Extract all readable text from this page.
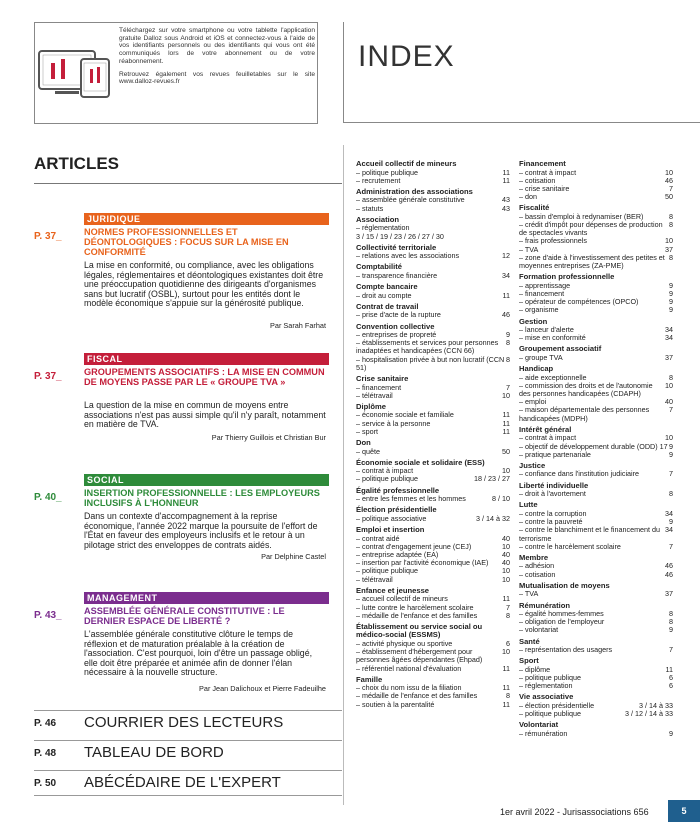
Téléchargez sur votre smartphone ou votre tablette l'application gratuite Dalloz sous Android et iOS et connectez-vous à l'aide de vos identifiants personnels ou des identifiants qui vous ont été communiqués lors de votre abonnement ou de votre réabonnement.

Retrouvez également vos revues feuilletables sur le site www.dalloz-revues.fr

INDEX
ARTICLES
P. 37_
JURIDIQUE
NORMES PROFESSIONNELLES ET DÉONTOLOGIQUES : FOCUS SUR LA MISE EN CONFORMITÉ
La mise en conformité, ou compliance, avec les obligations légales, réglementaires et déontologiques existantes doit être une préoccupation quotidienne des dirigeants d'organismes sans but lucratif (OSBL), surtout pour les entités dont le modèle économique s'appuie sur la générosité publique.
Par Sarah Farhat
P. 37_
FISCAL
GROUPEMENTS ASSOCIATIFS : LA MISE EN COMMUN DE MOYENS PASSE PAR LE « GROUPE TVA »
La question de la mise en commun de moyens entre associations n'est pas aussi simple qu'il n'y paraît, notamment en matière de TVA.
Par Thierry Guillois et Christian Bur
P. 40_
SOCIAL
INSERTION PROFESSIONNELLE : LES EMPLOYEURS INCLUSIFS À L'HONNEUR
Dans un contexte d'accompagnement à la reprise économique, l'année 2022 marque la poursuite de l'effort de l'État en faveur des employeurs inclusifs et le retour à un pilotage strict des enveloppes de contrats aidés.
Par Delphine Castel
P. 43_
MANAGEMENT
ASSEMBLÉE GÉNÉRALE CONSTITUTIVE : LE DERNIER ESPACE DE LIBERTÉ ?
L'assemblée générale constitutive clôture le temps de réflexion et de maturation préalable à la création de l'association. C'est pourquoi, loin d'être un passage obligé, elle doit être préparée et animée afin de donner l'élan nécessaire à la nouvelle structure.
Par Jean Dalichoux et Pierre Fadeuilhe
P. 46 COURRIER DES LECTEURS
P. 48 TABLEAU DE BORD
P. 50 ABÉCÉDAIRE DE L'EXPERT
Accueil collectif de mineurs
11
– politique publique
11
– recrutement
Administration des associations
43
– assemblée générale constitutive
43
– statuts
Association
– réglementation
3 / 15 / 19 / 23 / 26 / 27 / 30
Collectivité territoriale
12
– relations avec les associations
Comptabilité
34
– transparence financière
Compte bancaire
11
– droit au compte
Contrat de travail
46
– prise d'acte de la rupture
Convention collective
9
– entreprises de propreté
8
– établissements et services pour personnes inadaptées et handicapées (CCN 66)
8
– hospitalisation privée à but non lucratif (CCN 51)
Crise sanitaire
7
– financement
10
– télétravail
Diplôme
11
– économie sociale et familiale
11
– service à la personne
11
– sport
Don
50
– quête
Économie sociale et solidaire (ESS)
10
– contrat à impact
18 / 23 / 27
– politique publique
Égalité professionnelle
8 / 10
– entre les femmes et les hommes
Élection présidentielle
3 / 14 à 32
– politique associative
Emploi et insertion
40
– contrat aidé
10
– contrat d'engagement jeune (CEJ)
40
– entreprise adaptée (EA)
40
– insertion par l'activité économique (IAE)
10
– politique publique
10
– télétravail
Enfance et jeunesse
11
– accueil collectif de mineurs
7
– lutte contre le harcèlement scolaire
8
– médaille de l'enfance et des familles
Établissement ou service social ou médico-social (ESSMS)
6
– activité physique ou sportive
10
– établissement d'hébergement pour personnes âgées dépendantes (Ehpad)
11
– référentiel national d'évaluation
Famille
11
– choix du nom issu de la filiation
8
– médaille de l'enfance et des familles
11
– soutien à la parentalité
Financement
10
– contrat à impact
46
– cotisation
7
– crise sanitaire
50
– don
Fiscalité
8
– bassin d'emploi à redynamiser (BER)
8
– crédit d'impôt pour dépenses de production de spectacles vivants
10
– frais professionnels
37
– TVA
8
– zone d'aide à l'investissement des petites et moyennes entreprises (ZA-PME)
Formation professionnelle
9
– apprentissage
9
– financement
9
– opérateur de compétences (OPCO)
9
– organisme
Gestion
34
– lanceur d'alerte
34
– mise en conformité
Groupement associatif
37
– groupe TVA
Handicap
8
– aide exceptionnelle
10
– commission des droits et de l'autonomie des personnes handicapées (CDAPH)
40
– emploi
7
– maison départementale des personnes handicapées (MDPH)
Intérêt général
10
– contrat à impact
9
– objectif de développement durable (ODD) 17
9
– pratique partenariale
Justice
7
– confiance dans l'institution judiciaire
Liberté individuelle
8
– droit à l'avortement
Lutte
34
– contre la corruption
9
– contre la pauvreté
34
– contre le blanchiment et le financement du terrorisme
7
– contre le harcèlement scolaire
Membre
46
– adhésion
46
– cotisation
Mutualisation de moyens
37
– TVA
Rémunération
8
– égalité hommes-femmes
8
– obligation de l'employeur
9
– volontariat
Santé
7
– représentation des usagers
Sport
11
– diplôme
6
– politique publique
6
– réglementation
Vie associative
3 / 14 à 33
– élection présidentielle
3 / 12 / 14 à 33
– politique publique
Volontariat
9
– rémunération
1er avril 2022 - Jurisassociations 656	5
